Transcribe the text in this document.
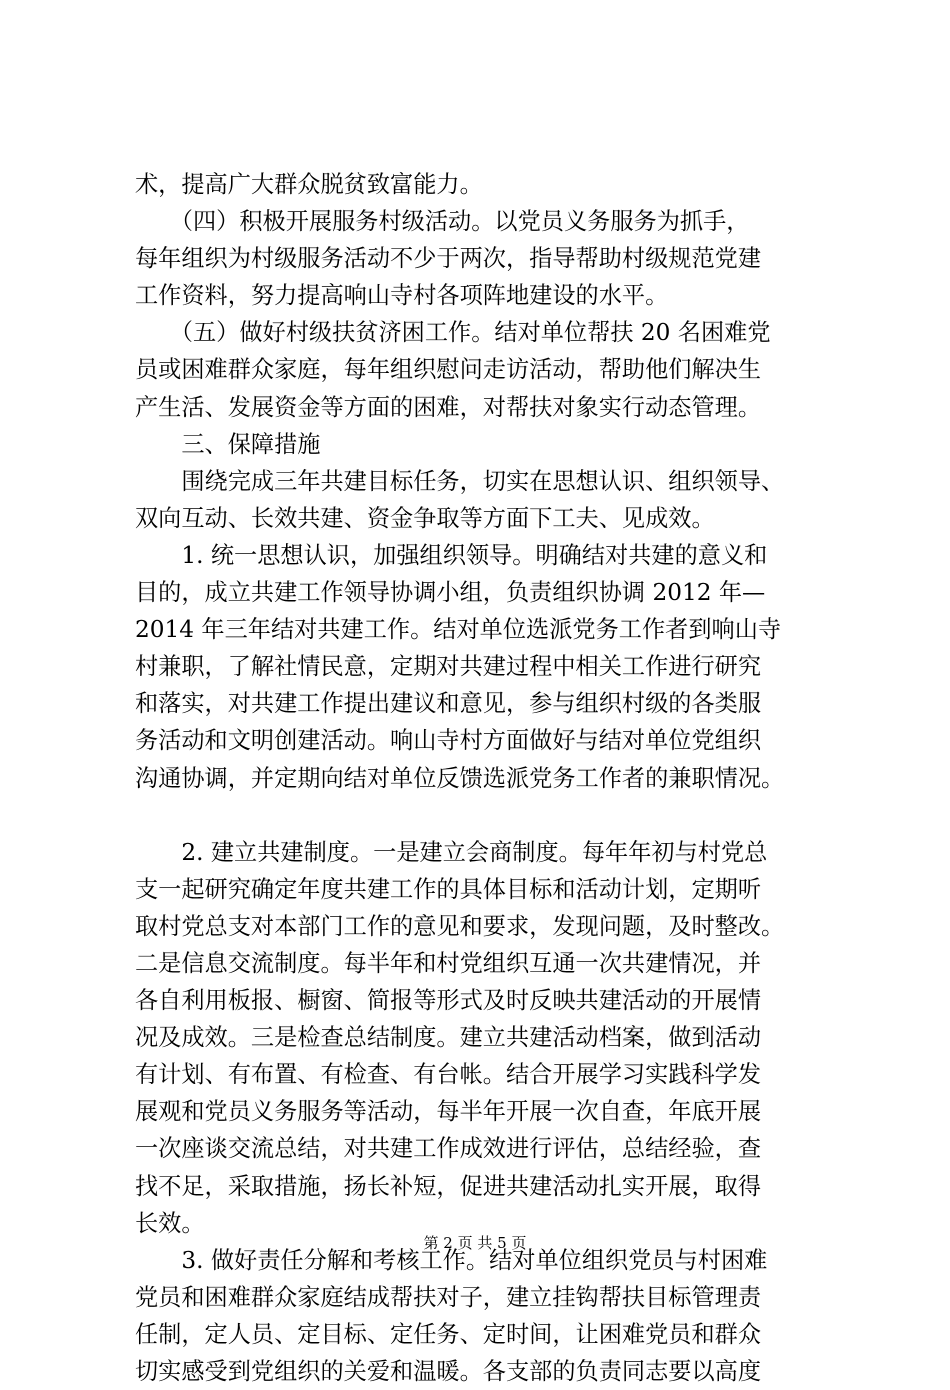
术，提高广大群众脱贫致富能力。
　　（四）积极开展服务村级活动。以党员义务服务为抓手，
每年组织为村级服务活动不少于两次，指导帮助村级规范党建
工作资料，努力提高响山寺村各项阵地建设的水平。
　　（五）做好村级扶贫济困工作。结对单位帮扶 20 名困难党
员或困难群众家庭，每年组织慰问走访活动，帮助他们解决生
产生活、发展资金等方面的困难，对帮扶对象实行动态管理。
　　三、保障措施
　　围绕完成三年共建目标任务，切实在思想认识、组织领导、
双向互动、长效共建、资金争取等方面下工夫、见成效。
　　1. 统一思想认识，加强组织领导。明确结对共建的意义和
目的，成立共建工作领导协调小组，负责组织协调 2012 年—
2014 年三年结对共建工作。结对单位选派党务工作者到响山寺
村兼职，了解社情民意，定期对共建过程中相关工作进行研究
和落实，对共建工作提出建议和意见，参与组织村级的各类服
务活动和文明创建活动。响山寺村方面做好与结对单位党组织
沟通协调，并定期向结对单位反馈选派党务工作者的兼职情况。
　　2. 建立共建制度。一是建立会商制度。每年年初与村党总
支一起研究确定年度共建工作的具体目标和活动计划，定期听
取村党总支对本部门工作的意见和要求，发现问题，及时整改。
二是信息交流制度。每半年和村党组织互通一次共建情况，并
各自利用板报、橱窗、简报等形式及时反映共建活动的开展情
况及成效。三是检查总结制度。建立共建活动档案，做到活动
有计划、有布置、有检查、有台帐。结合开展学习实践科学发
展观和党员义务服务等活动，每半年开展一次自查，年底开展
一次座谈交流总结，对共建工作成效进行评估，总结经验，查
找不足，采取措施，扬长补短，促进共建活动扎实开展，取得
长效。
　　3. 做好责任分解和考核工作。结对单位组织党员与村困难
党员和困难群众家庭结成帮扶对子，建立挂钩帮扶目标管理责
任制，定人员、定目标、定任务、定时间，让困难党员和群众
切实感受到党组织的关爱和温暖。各支部的负责同志要以高度
第 2 页 共 5 页
